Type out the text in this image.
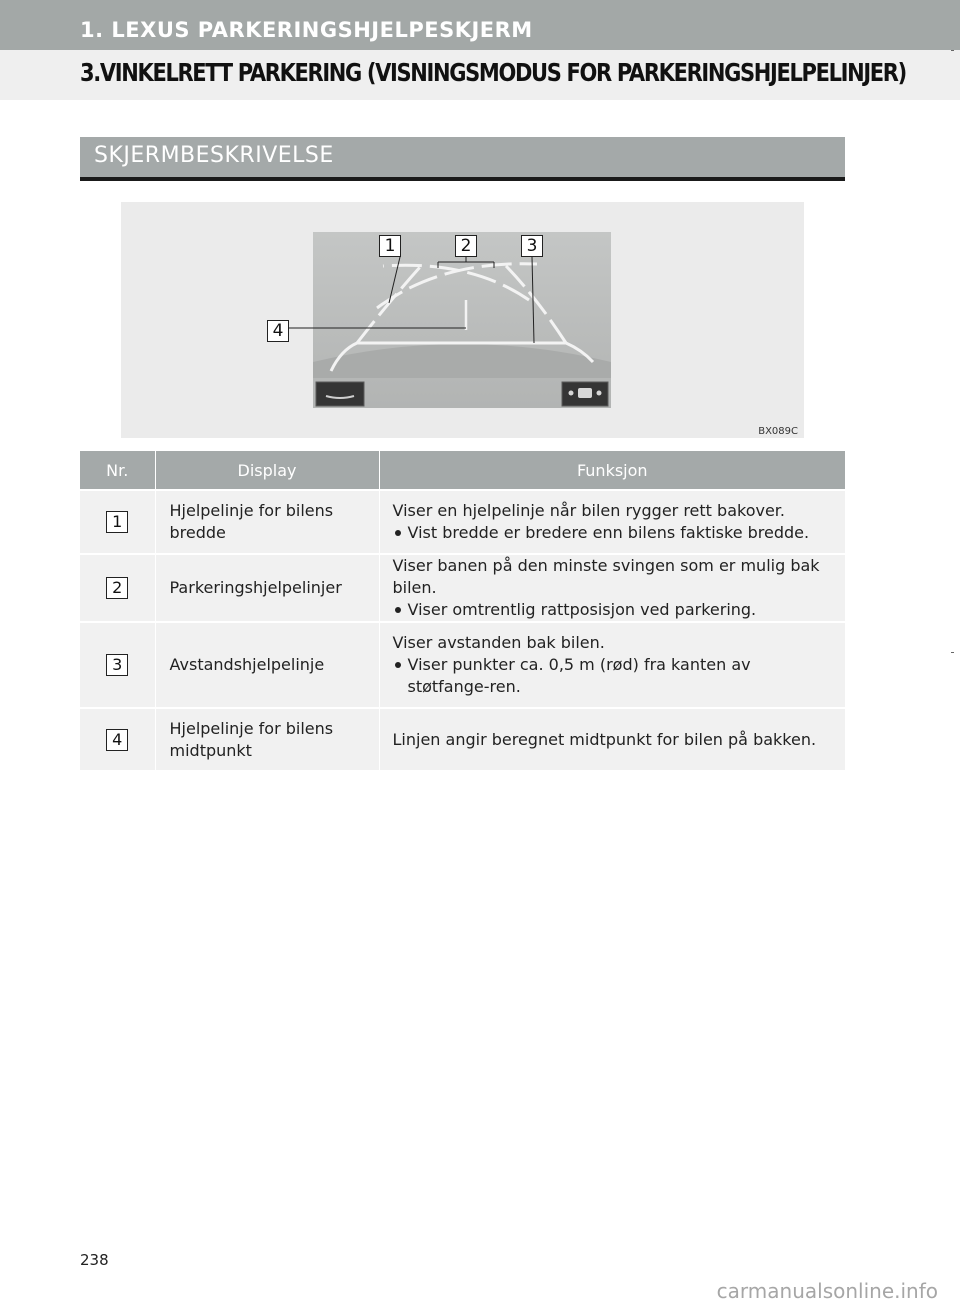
1. LEXUS PARKERINGSHJELPESKJERM
3.VINKELRETT PARKERING (VISNINGSMODUS FOR PARKERINGSHJELPELINJER)
SKJERMBESKRIVELSE
1	2	3
4
BX089C
Nr.	Display	Funksjon
1	Hjelpelinje for bilens bredde	Viser en hjelpelinje når bilen rygger rett bakover.
Vist bredde er bredere enn bilens faktiske bredde.

2	Parkeringshjelpelinjer	Viser banen på den minste svingen som er mulig bak bilen.
Viser omtrentlig rattposisjon ved parkering.

3	Avstandshjelpelinje	Viser avstanden bak bilen.
Viser punkter ca. 0,5 m (rød) fra kanten av støtfange-ren.

4	Hjelpelinje for bilens midtpunkt	Linjen angir beregnet midtpunkt for bilen på bakken.
238
carmanualsonline.info
